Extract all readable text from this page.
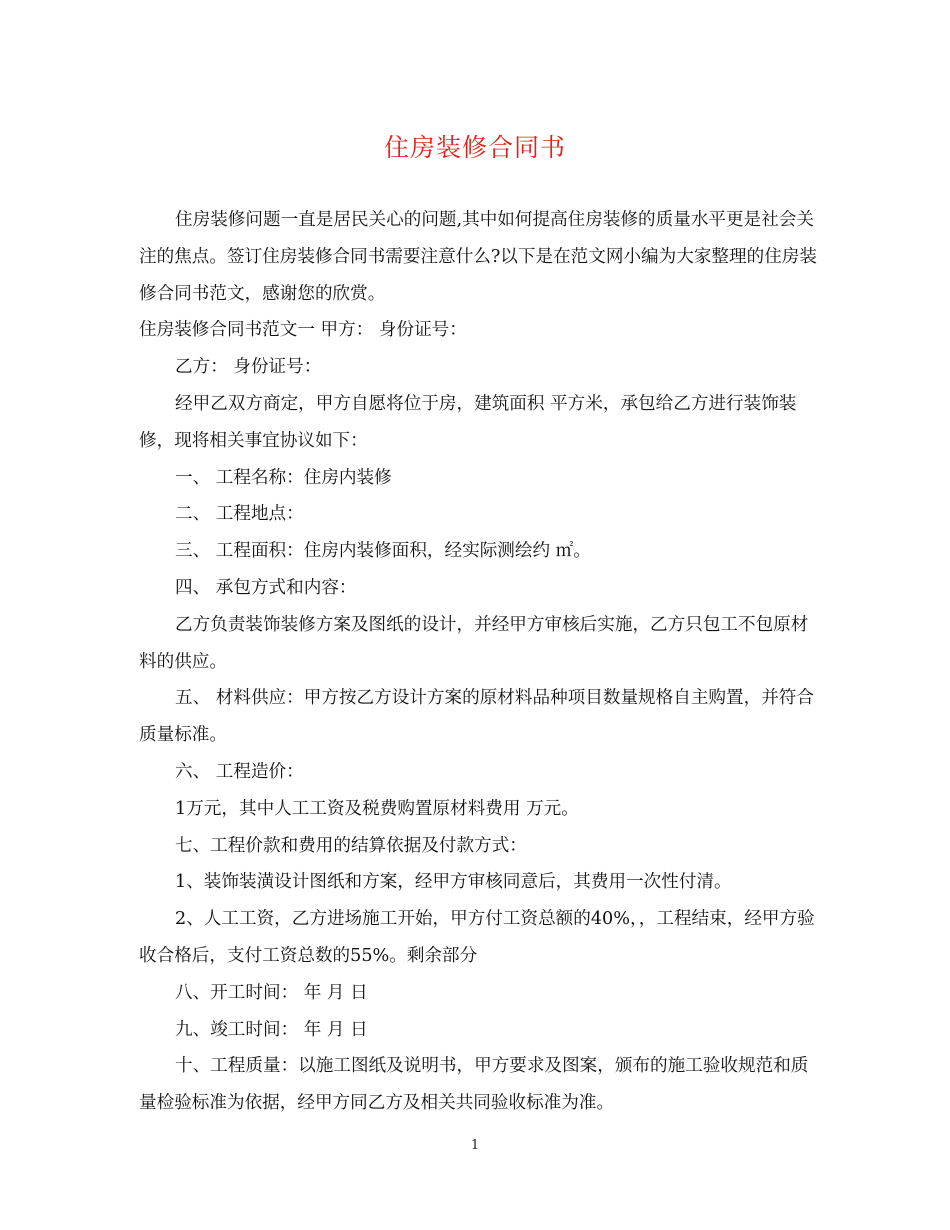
住房装修合同书

住房装修问题一直是居民关心的问题,其中如何提高住房装修的质量水平更是社会关注的焦点。签订住房装修合同书需要注意什么?以下是在范文网小编为大家整理的住房装修合同书范文，感谢您的欣赏。

住房装修合同书范文一 甲方： 身份证号：

乙方： 身份证号：

经甲乙双方商定，甲方自愿将位于房，建筑面积 平方米，承包给乙方进行装饰装修，现将相关事宜协议如下：

一、 工程名称：住房内装修

二、 工程地点：

三、 工程面积：住房内装修面积，经实际测绘约 ㎡。

四、 承包方式和内容：

乙方负责装饰装修方案及图纸的设计，并经甲方审核后实施，乙方只包工不包原材料的供应。

五、 材料供应：甲方按乙方设计方案的原材料品种项目数量规格自主购置，并符合质量标准。

六、 工程造价：

1万元，其中人工工资及税费购置原材料费用 万元。

七、工程价款和费用的结算依据及付款方式：

1、装饰装潢设计图纸和方案，经甲方审核同意后，其费用一次性付清。

2、人工工资，乙方进场施工开始，甲方付工资总额的40%，，工程结束，经甲方验收合格后，支付工资总数的55%。剩余部分

八、开工时间： 年 月 日

九、竣工时间： 年 月 日

十、工程质量：以施工图纸及说明书，甲方要求及图案，颁布的施工验收规范和质量检验标准为依据，经甲方同乙方及相关共同验收标准为准。

1
